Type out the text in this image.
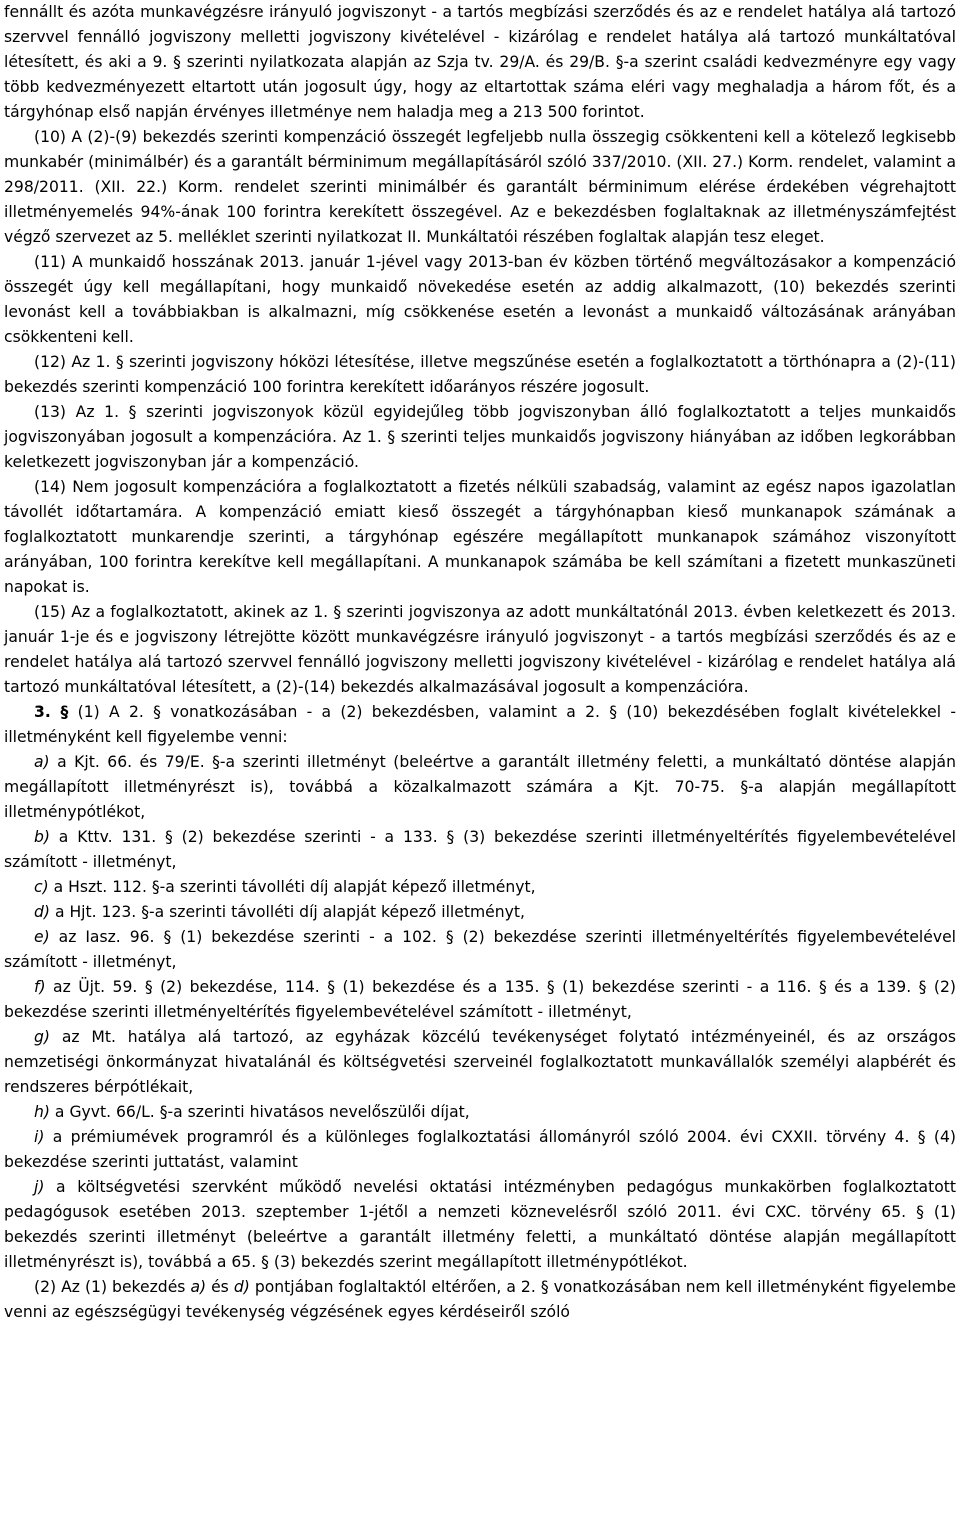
fennállt és azóta munkavégzésre irányuló jogviszonyt - a tartós megbízási szerződés és az e rendelet hatálya alá tartozó szervvel fennálló jogviszony melletti jogviszony kivételével - kizárólag e rendelet hatálya alá tartozó munkáltatóval létesített, és aki a 9. § szerinti nyilatkozata alapján az Szja tv. 29/A. és 29/B. §-a szerint családi kedvezményre egy vagy több kedvezményezett eltartott után jogosult úgy, hogy az eltartottak száma eléri vagy meghaladja a három főt, és a tárgyhónap első napján érvényes illetménye nem haladja meg a 213 500 forintot.

(10) A (2)-(9) bekezdés szerinti kompenzáció összegét legfeljebb nulla összegig csökkenteni kell a kötelező legkisebb munkabér (minimálbér) és a garantált bérminimum megállapításáról szóló 337/2010. (XII. 27.) Korm. rendelet, valamint a 298/2011. (XII. 22.) Korm. rendelet szerinti minimálbér és garantált bérminimum elérése érdekében végrehajtott illetményemelés 94%-ának 100 forintra kerekített összegével. Az e bekezdésben foglaltaknak az illetményszámfejtést végző szervezet az 5. melléklet szerinti nyilatkozat II. Munkáltatói részében foglaltak alapján tesz eleget.

(11) A munkaidő hosszának 2013. január 1-jével vagy 2013-ban év közben történő megváltozásakor a kompenzáció összegét úgy kell megállapítani, hogy munkaidő növekedése esetén az addig alkalmazott, (10) bekezdés szerinti levonást kell a továbbiakban is alkalmazni, míg csökkenése esetén a levonást a munkaidő változásának arányában csökkenteni kell.

(12) Az 1. § szerinti jogviszony hóközi létesítése, illetve megszűnése esetén a foglalkoztatott a törthónapra a (2)-(11) bekezdés szerinti kompenzáció 100 forintra kerekített időarányos részére jogosult.

(13) Az 1. § szerinti jogviszonyok közül egyidejűleg több jogviszonyban álló foglalkoztatott a teljes munkaidős jogviszonyában jogosult a kompenzációra. Az 1. § szerinti teljes munkaidős jogviszony hiányában az időben legkorábban keletkezett jogviszonyban jár a kompenzáció.

(14) Nem jogosult kompenzációra a foglalkoztatott a fizetés nélküli szabadság, valamint az egész napos igazolatlan távollét időtartamára. A kompenzáció emiatt kieső összegét a tárgyhónapban kieső munkanapok számának a foglalkoztatott munkarendje szerinti, a tárgyhónap egészére megállapított munkanapok számához viszonyított arányában, 100 forintra kerekítve kell megállapítani. A munkanapok számába be kell számítani a fizetett munkaszüneti napokat is.

(15) Az a foglalkoztatott, akinek az 1. § szerinti jogviszonya az adott munkáltatónál 2013. évben keletkezett és 2013. január 1-je és e jogviszony létrejötte között munkavégzésre irányuló jogviszonyt - a tartós megbízási szerződés és az e rendelet hatálya alá tartozó szervvel fennálló jogviszony melletti jogviszony kivételével - kizárólag e rendelet hatálya alá tartozó munkáltatóval létesített, a (2)-(14) bekezdés alkalmazásával jogosult a kompenzációra.

3. § (1) A 2. § vonatkozásában - a (2) bekezdésben, valamint a 2. § (10) bekezdésében foglalt kivételekkel - illetményként kell figyelembe venni:

a) a Kjt. 66. és 79/E. §-a szerinti illetményt (beleértve a garantált illetmény feletti, a munkáltató döntése alapján megállapított illetményrészt is), továbbá a közalkalmazott számára a Kjt. 70-75. §-a alapján megállapított illetménypótlékot,

b) a Kttv. 131. § (2) bekezdése szerinti - a 133. § (3) bekezdése szerinti illetményeltérítés figyelembevételével számított - illetményt,

c) a Hszt. 112. §-a szerinti távolléti díj alapját képező illetményt,

d) a Hjt. 123. §-a szerinti távolléti díj alapját képező illetményt,

e) az Iasz. 96. § (1) bekezdése szerinti - a 102. § (2) bekezdése szerinti illetményeltérítés figyelembevételével számított - illetményt,

f) az Üjt. 59. § (2) bekezdése, 114. § (1) bekezdése és a 135. § (1) bekezdése szerinti - a 116. § és a 139. § (2) bekezdése szerinti illetményeltérítés figyelembevételével számított - illetményt,

g) az Mt. hatálya alá tartozó, az egyházak közcélú tevékenységet folytató intézményeinél, és az országos nemzetiségi önkormányzat hivatalánál és költségvetési szerveinél foglalkoztatott munkavállalók személyi alapbérét és rendszeres bérpótlékait,

h) a Gyvt. 66/L. §-a szerinti hivatásos nevelőszülői díjat,

i) a prémiumévek programról és a különleges foglalkoztatási állományról szóló 2004. évi CXXII. törvény 4. § (4) bekezdése szerinti juttatást, valamint

j) a költségvetési szervként működő nevelési oktatási intézményben pedagógus munkakörben foglalkoztatott pedagógusok esetében 2013. szeptember 1-jétől a nemzeti köznevelésről szóló 2011. évi CXC. törvény 65. § (1) bekezdés szerinti illetményt (beleértve a garantált illetmény feletti, a munkáltató döntése alapján megállapított illetményrészt is), továbbá a 65. § (3) bekezdés szerint megállapított illetménypótlékot.

(2) Az (1) bekezdés a) és d) pontjában foglaltaktól eltérően, a 2. § vonatkozásában nem kell illetményként figyelembe venni az egészségügyi tevékenység végzésének egyes kérdéseiről szóló
